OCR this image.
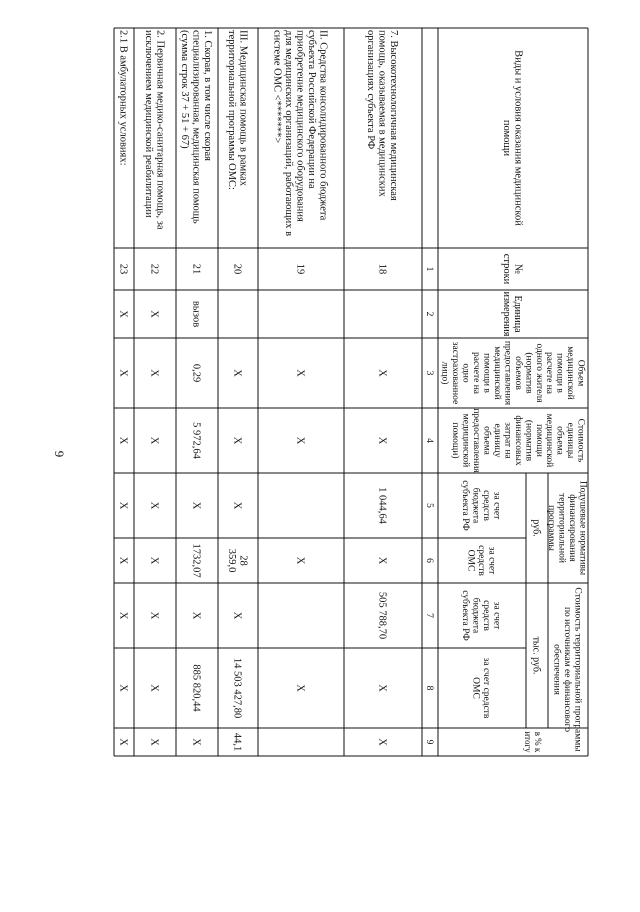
6
Виды и условия оказания медицинскойпомощи
№строки
Единицаизмерения
Объеммедицинскойпомощи врасчете наодного жителя(нормативобъемовпредоставлениямедицинскойпомощи врасчете наоднозастрахованноелицо)
Стоимостьединицыобъемамедицинскойпомощи(нормативфинансовыхзатрат наединицуобъемапредоставлениямедицинскойпомощи)
Подушевые нормативыфинансированиятерриториальнойпрограммы
руб.
за счетсредствбюджетасубъекта РФ
за счетсредствОМС
Стоимость территориальной программыпо источникам ее финансовогообеспечения
тыс. руб.
за счетсредствбюджетасубъекта РФ
за счет средствОМС
в % китогу
1
2
3
4
5
6
7
8
9
7. Высокотехнологичная медицинскаяпомощь, оказываемая в медицинскихорганизациях субъекта РФ
18
Х
Х
1 044,64
Х
505 788,70
Х
Х
II. Средства консолидированного бюджетасубъекта Российской Федерации наприобретение медицинского оборудованиядля медицинских организаций, работающих всистеме ОМС <*******>
19
Х
Х
Х
Х
III. Медицинская помощь в рамкахтерриториальной программы ОМС:
20
Х
Х
Х
28359,0
Х
14 503 427,80
44,1
1. Скорая, в том числе скораяспециализированная, медицинская помощь(сумма строк 37 + 51 + 67)
21
вызов
0,29
5 972,64
Х
1732,07
Х
885 820,44
Х
2. Первичная медико-санитарная помощь, заисключением медицинской реабилитации
22
Х
Х
Х
Х
Х
Х
Х
Х
2.1 В амбулаторных условиях:
23
Х
Х
Х
Х
Х
Х
Х
Х
